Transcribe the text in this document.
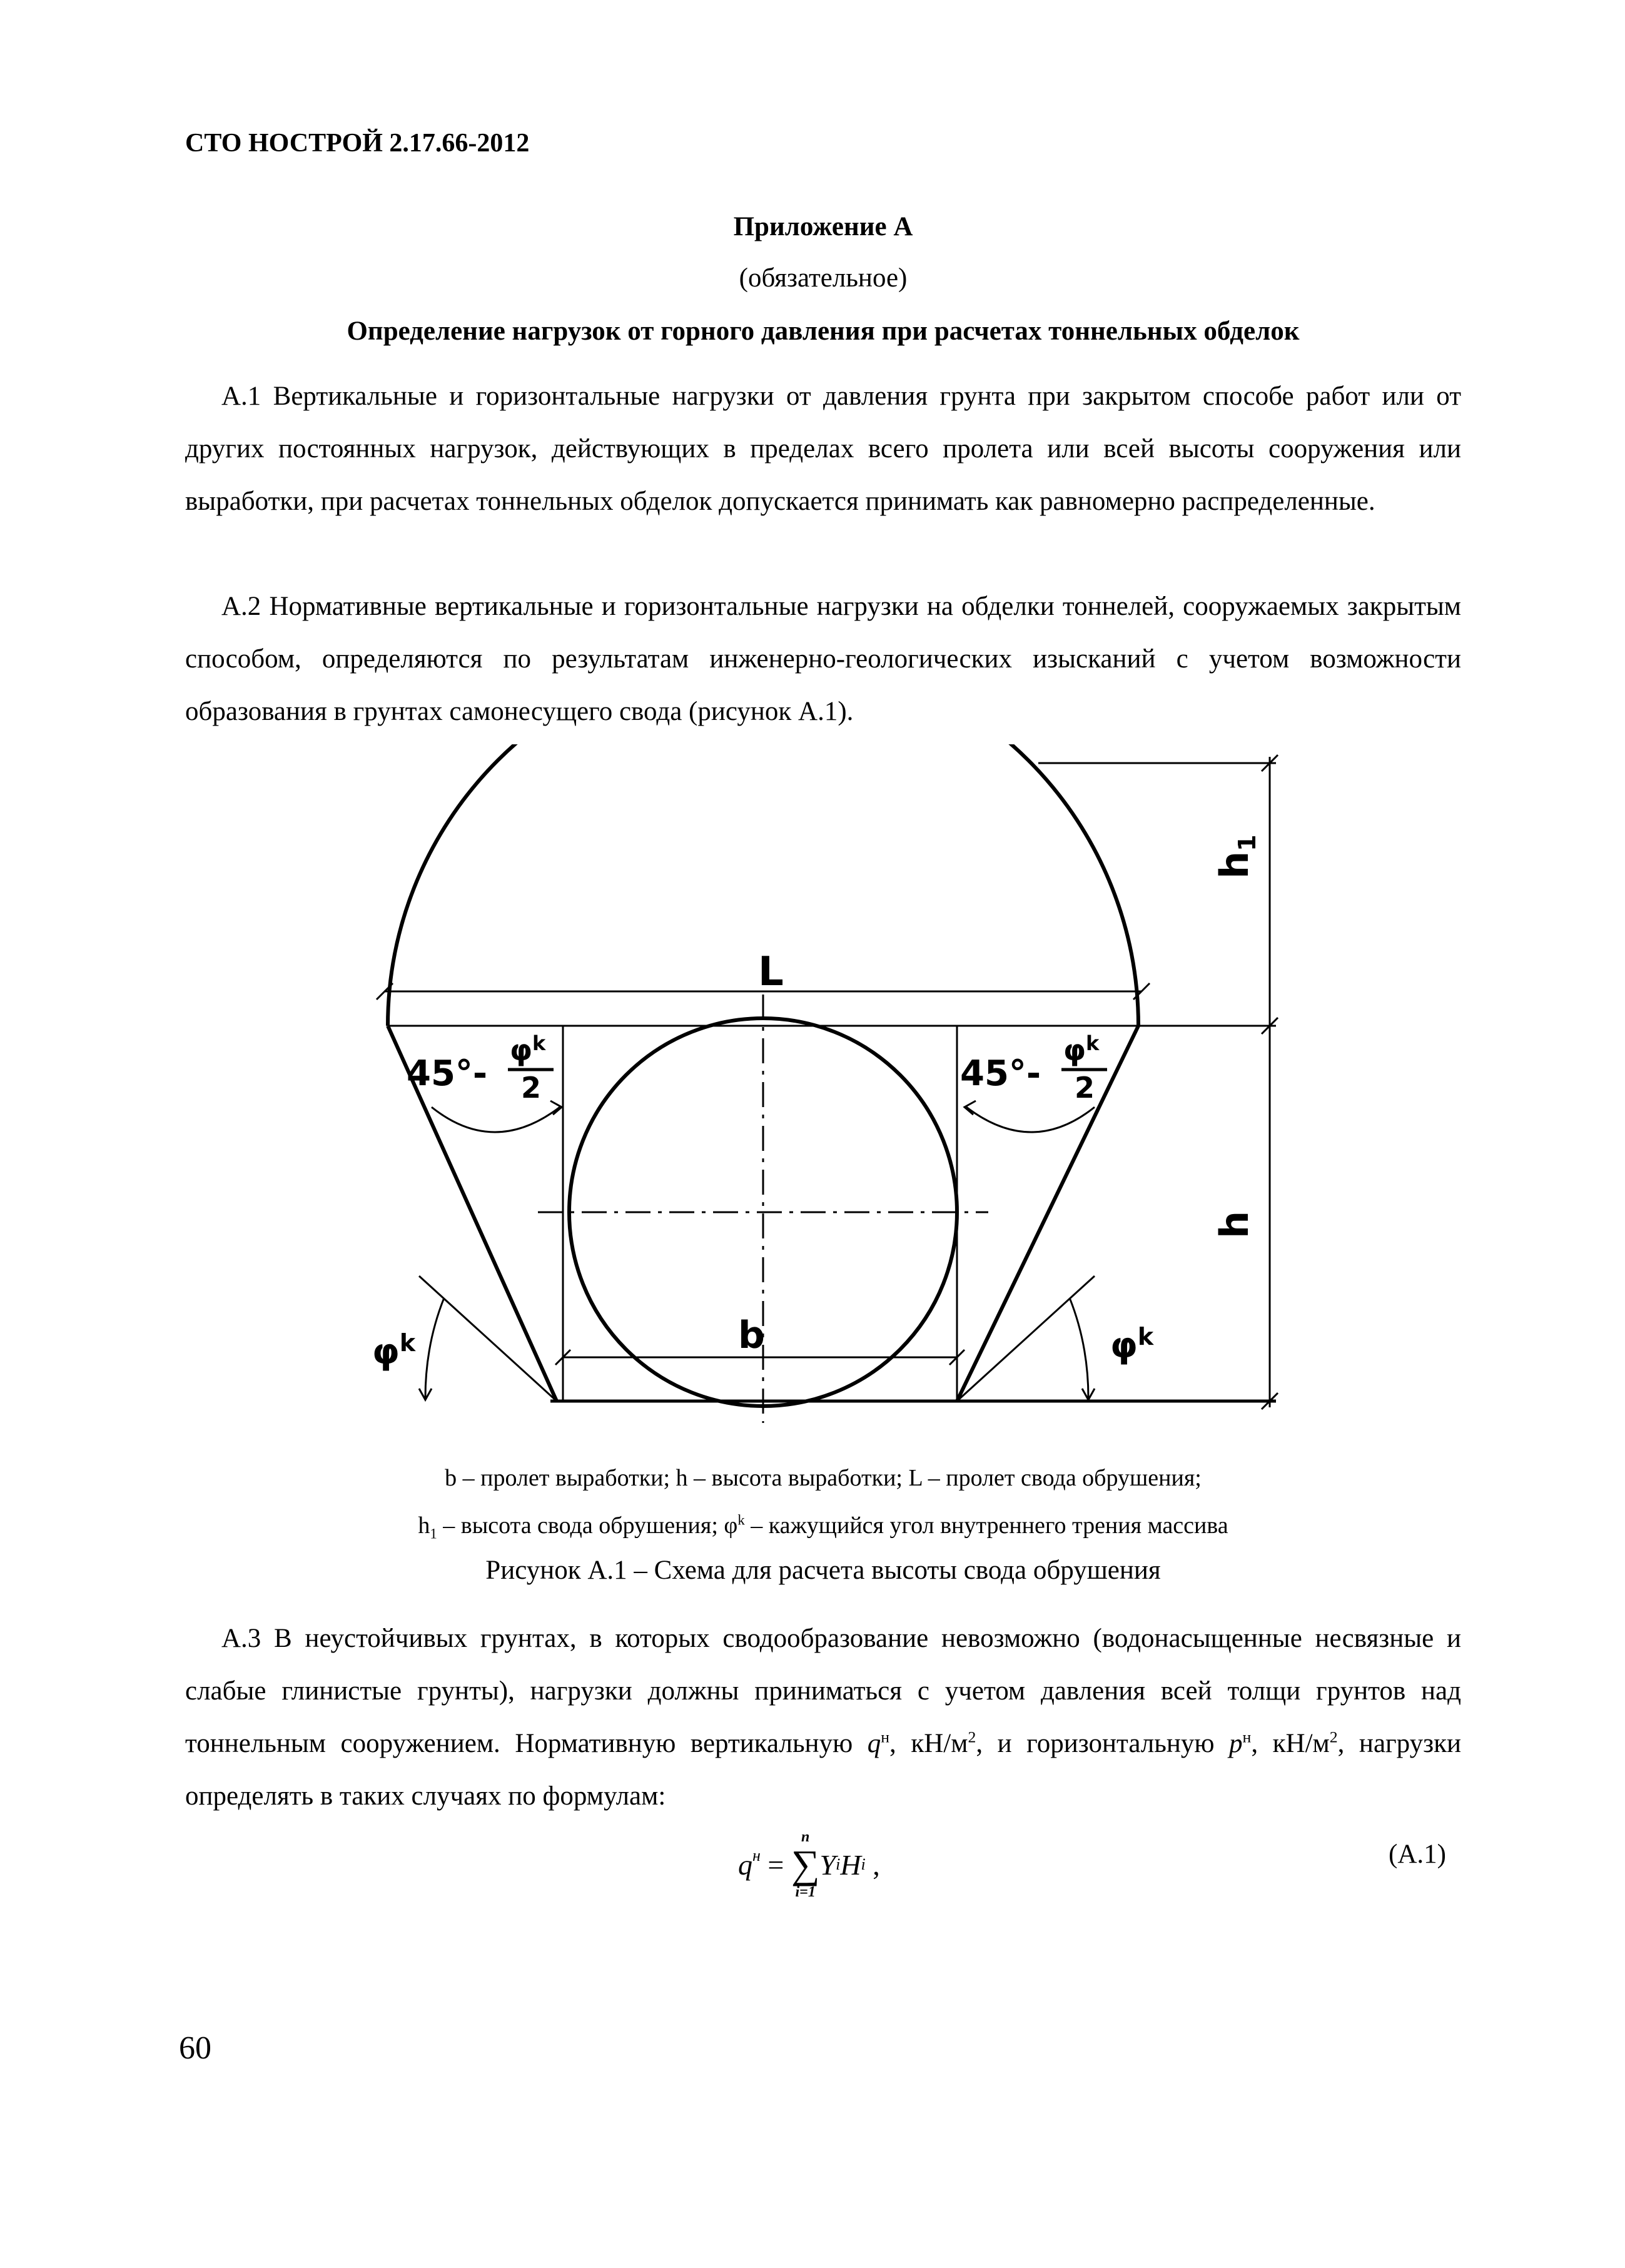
СТО НОСТРОЙ 2.17.66-2012
Приложение А
(обязательное)
Определение нагрузок от горного давления при расчетах тоннельных обделок
А.1 Вертикальные и горизонтальные нагрузки от давления грунта при закрытом способе работ или от других постоянных нагрузок, действующих в пределах всего пролета или всей высоты сооружения или выработки, при расчетах тоннельных обделок допускается принимать как равномерно распределенные.
А.2 Нормативные вертикальные и горизонтальные нагрузки на обделки тоннелей, сооружаемых закрытым способом, определяются по результатам инженерно-геологических изысканий с учетом возможности образования в грунтах самонесущего свода (рисунок А.1).
L
b
h1
h
45°-
$\varphi^k$
2	45°-
$\varphi^k$
2
$\varphi^k$	$\varphi^k$
b – пролет выработки; h – высота выработки; L – пролет свода обрушения;
$h_1$ – высота свода обрушения; $\varphi^k$ – кажущийся угол внутреннего трения массива
Рисунок А.1 – Схема для расчета высоты свода обрушения
А.3 В неустойчивых грунтах, в которых сводообразование невозможно (водонасыщенные несвязные и слабые глинистые грунты), нагрузки должны приниматься с учетом давления всей толщи грунтов над тоннельным сооружением. Нормативную вертикальную $q^н$, $кН/м^2$, и горизонтальную $p^н$, $кН/м^2$, нагрузки определять в таких случаях по формулам:
$q^н$ =
n
∑
i=1
Y i H i ,	(А.1)
60
